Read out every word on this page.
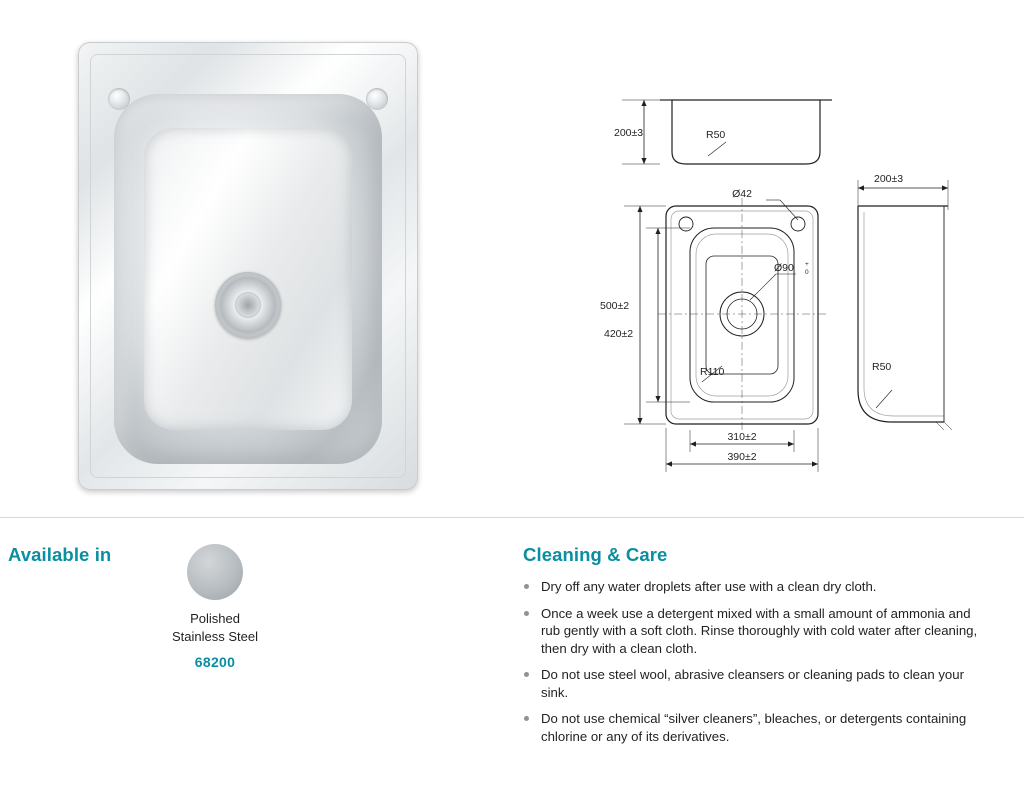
200±3	R50
Ø42
Ø90 +
0
500±2
420±2
R110
310±2
390±2
200±3
R50
Available in
Polished
Stainless Steel
68200
Cleaning & Care
Dry off any water droplets after use with a clean dry cloth.
Once a week use a detergent mixed with a small amount of ammonia and rub gently with a soft cloth. Rinse thoroughly with cold water after cleaning, then dry with a clean cloth.
Do not use steel wool, abrasive cleansers or cleaning pads to clean your sink.
Do not use chemical “silver cleaners”, bleaches, or detergents containing chlorine or any of its derivatives.
